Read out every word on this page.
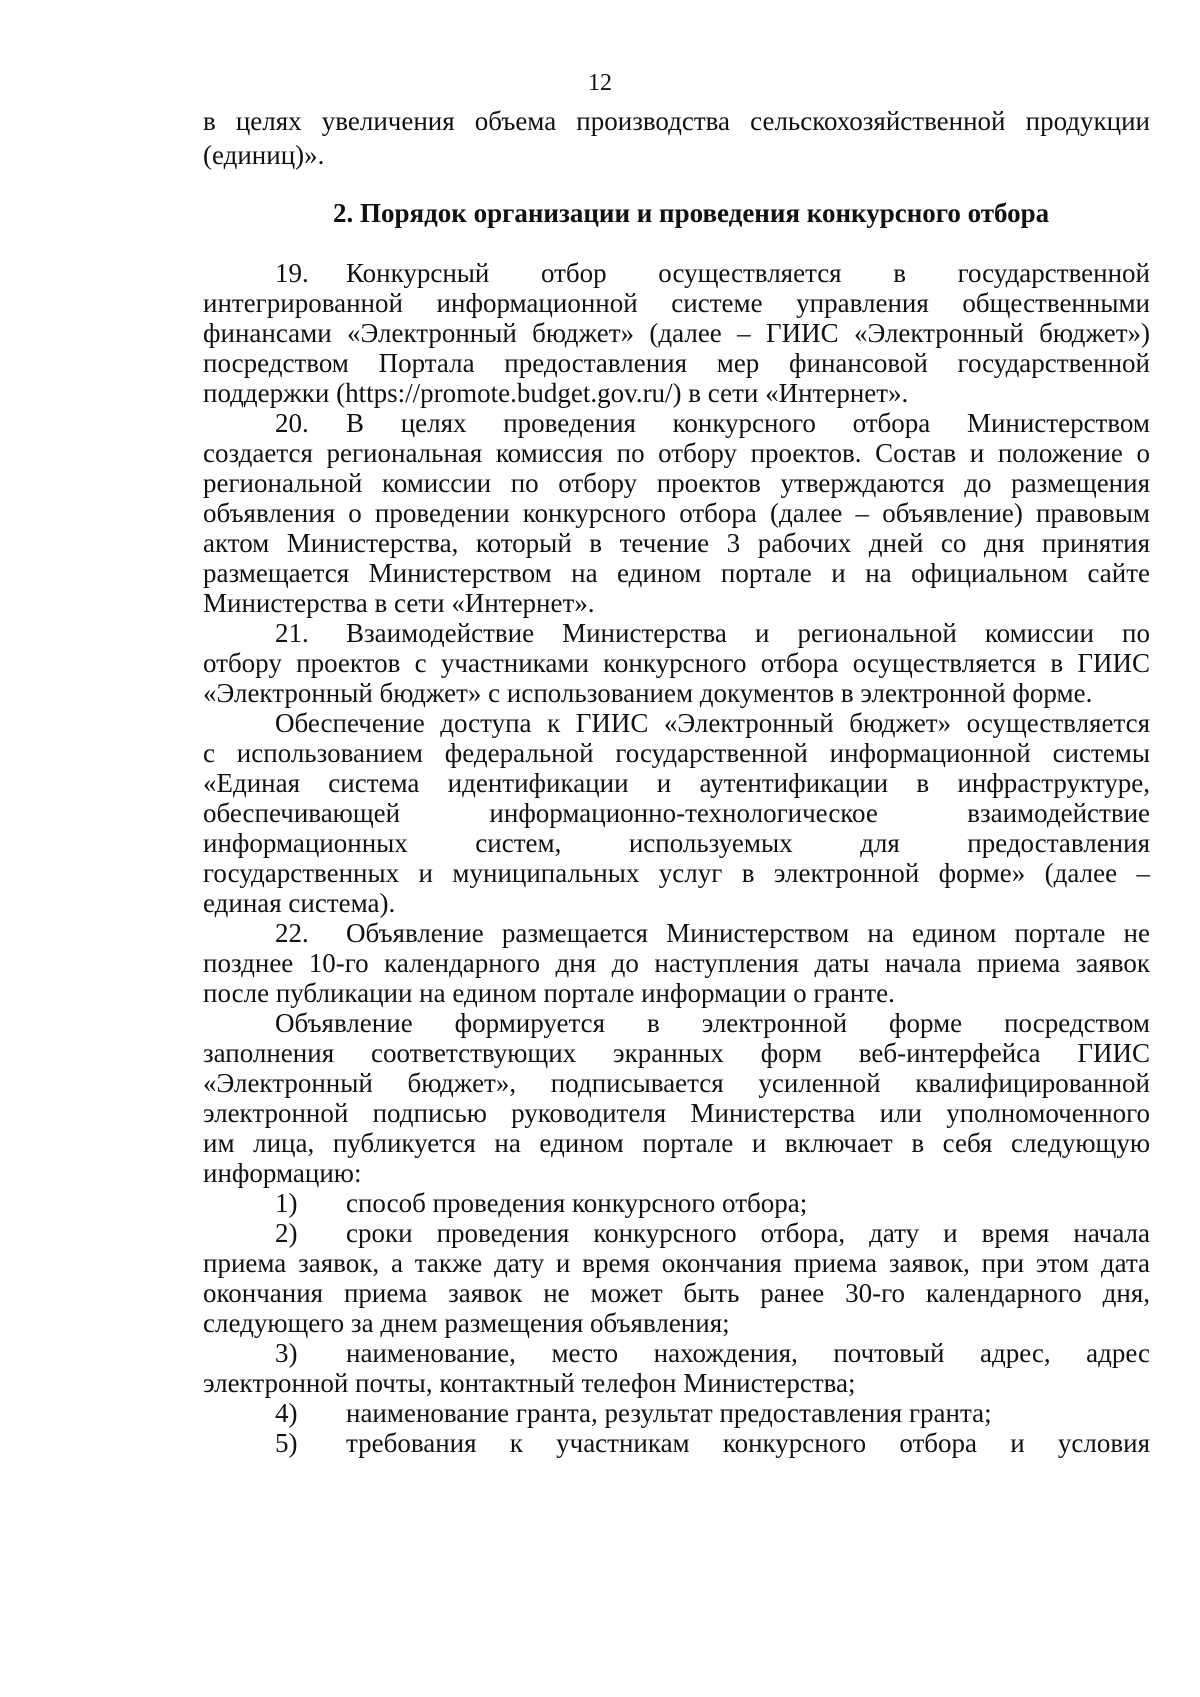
12
в целях увеличения объема производства сельскохозяйственной продукции
(единиц)».
2. Порядок организации и проведения конкурсного отбора
19. Конкурсный отбор осуществляется в государственной
интегрированной информационной системе управления общественными
финансами «Электронный бюджет» (далее – ГИИС «Электронный бюджет»)
посредством Портала предоставления мер финансовой государственной
поддержки (https://promote.budget.gov.ru/) в сети «Интернет».
20. В целях проведения конкурсного отбора Министерством
создается региональная комиссия по отбору проектов. Состав и положение о
региональной комиссии по отбору проектов утверждаются до размещения
объявления о проведении конкурсного отбора (далее – объявление) правовым
актом Министерства, который в течение 3 рабочих дней со дня принятия
размещается Министерством на едином портале и на официальном сайте
Министерства в сети «Интернет».
21. Взаимодействие Министерства и региональной комиссии по
отбору проектов с участниками конкурсного отбора осуществляется в ГИИС
«Электронный бюджет» с использованием документов в электронной форме.
Обеспечение доступа к ГИИС «Электронный бюджет» осуществляется
с использованием федеральной государственной информационной системы
«Единая система идентификации и аутентификации в инфраструктуре,
обеспечивающей информационно-технологическое взаимодействие
информационных систем, используемых для предоставления
государственных и муниципальных услуг в электронной форме» (далее –
единая система).
22. Объявление размещается Министерством на едином портале не
позднее 10-го календарного дня до наступления даты начала приема заявок
после публикации на едином портале информации о гранте.
Объявление формируется в электронной форме посредством
заполнения соответствующих экранных форм веб-интерфейса ГИИС
«Электронный бюджет», подписывается усиленной квалифицированной
электронной подписью руководителя Министерства или уполномоченного
им лица, публикуется на едином портале и включает в себя следующую
информацию:
1) способ проведения конкурсного отбора;
2) сроки проведения конкурсного отбора, дату и время начала
приема заявок, а также дату и время окончания приема заявок, при этом дата
окончания приема заявок не может быть ранее 30-го календарного дня,
следующего за днем размещения объявления;
3) наименование, место нахождения, почтовый адрес, адрес
электронной почты, контактный телефон Министерства;
4) наименование гранта, результат предоставления гранта;
5) требования к участникам конкурсного отбора и условия
